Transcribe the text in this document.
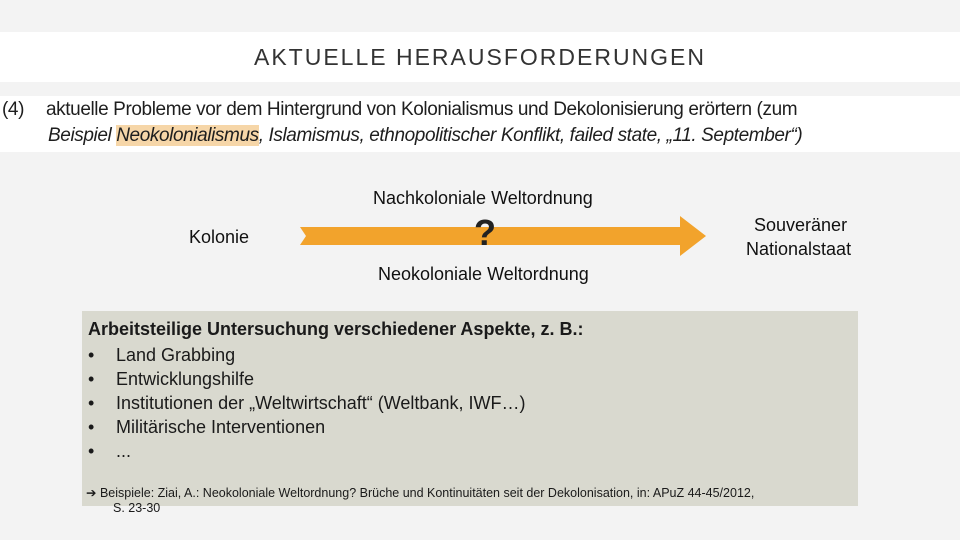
AKTUELLE HERAUSFORDERUNGEN
(4) aktuelle Probleme vor dem Hintergrund von Kolonialismus und Dekolonisierung erörtern (zum
Beispiel Neokolonialismus, Islamismus, ethnopolitischer Konflikt, failed state, „11. September“)
Nachkoloniale Weltordnung
Kolonie	?	Souveräner
Nationalstaat
Neokoloniale Weltordnung
Arbeitsteilige Untersuchung verschiedener Aspekte, z. B.:
• Land Grabbing
• Entwicklungshilfe
• Institutionen der „Weltwirtschaft“ (Weltbank, IWF…)
• Militärische Interventionen
• ...
➔ Beispiele: Ziai, A.: Neokoloniale Weltordnung? Brüche und Kontinuitäten seit der Dekolonisation, in: APuZ 44-45/2012,
S. 23-30
